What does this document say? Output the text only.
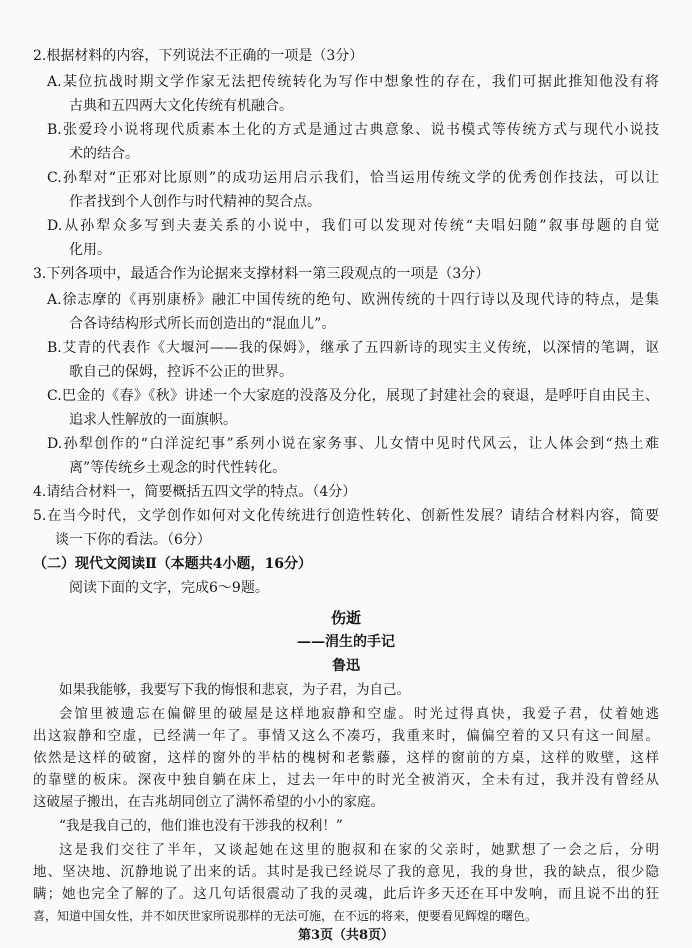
2.根据材料的内容，下列说法不正确的一项是（3分）
A.某位抗战时期文学作家无法把传统转化为写作中想象性的存在，我们可据此推知他没有将
古典和五四两大文化传统有机融合。
B.张爱玲小说将现代质素本土化的方式是通过古典意象、说书模式等传统方式与现代小说技
术的结合。
C.孙犁对“正邪对比原则”的成功运用启示我们，恰当运用传统文学的优秀创作技法，可以让
作者找到个人创作与时代精神的契合点。
D.从孙犁众多写到夫妻关系的小说中，我们可以发现对传统“夫唱妇随”叙事母题的自觉
化用。
3.下列各项中，最适合作为论据来支撑材料一第三段观点的一项是（3分）
A.徐志摩的《再别康桥》融汇中国传统的绝句、欧洲传统的十四行诗以及现代诗的特点，是集
合各诗结构形式所长而创造出的“混血儿”。
B.艾青的代表作《大堰河——我的保姆》，继承了五四新诗的现实主义传统，以深情的笔调，讴
歌自己的保姆，控诉不公正的世界。
C.巴金的《春》《秋》讲述一个大家庭的没落及分化，展现了封建社会的衰退，是呼吁自由民主、
追求人性解放的一面旗帜。
D.孙犁创作的“白洋淀纪事”系列小说在家务事、儿女情中见时代风云，让人体会到“热土难
离”等传统乡土观念的时代性转化。
4.请结合材料一，简要概括五四文学的特点。（4分）
5.在当今时代，文学创作如何对文化传统进行创造性转化、创新性发展？请结合材料内容，简要
谈一下你的看法。（6分）
（二）现代文阅读Ⅱ（本题共4小题，16分）
阅读下面的文字，完成6～9题。
伤逝
——涓生的手记
鲁迅
如果我能够，我要写下我的悔恨和悲哀，为子君，为自己。
会馆里被遗忘在偏僻里的破屋是这样地寂静和空虚。时光过得真快，我爱子君，仗着她逃
出这寂静和空虚，已经满一年了。事情又这么不凑巧，我重来时，偏偏空着的又只有这一间屋。
依然是这样的破窗，这样的窗外的半枯的槐树和老紫藤，这样的窗前的方桌，这样的败壁，这样
的靠壁的板床。深夜中独自躺在床上，过去一年中的时光全被消灭，全未有过，我并没有曾经从
这破屋子搬出，在吉兆胡同创立了满怀希望的小小的家庭。
“我是我自己的，他们谁也没有干涉我的权利！”
这是我们交往了半年，又谈起她在这里的胞叔和在家的父亲时，她默想了一会之后，分明
地、坚决地、沉静地说了出来的话。其时是我已经说尽了我的意见，我的身世，我的缺点，很少隐
瞒；她也完全了解的了。这几句话很震动了我的灵魂，此后许多天还在耳中发响，而且说不出的狂
喜，知道中国女性，并不如厌世家所说那样的无法可施，在不远的将来，便要看见辉煌的曙色。
第3页（共8页）
